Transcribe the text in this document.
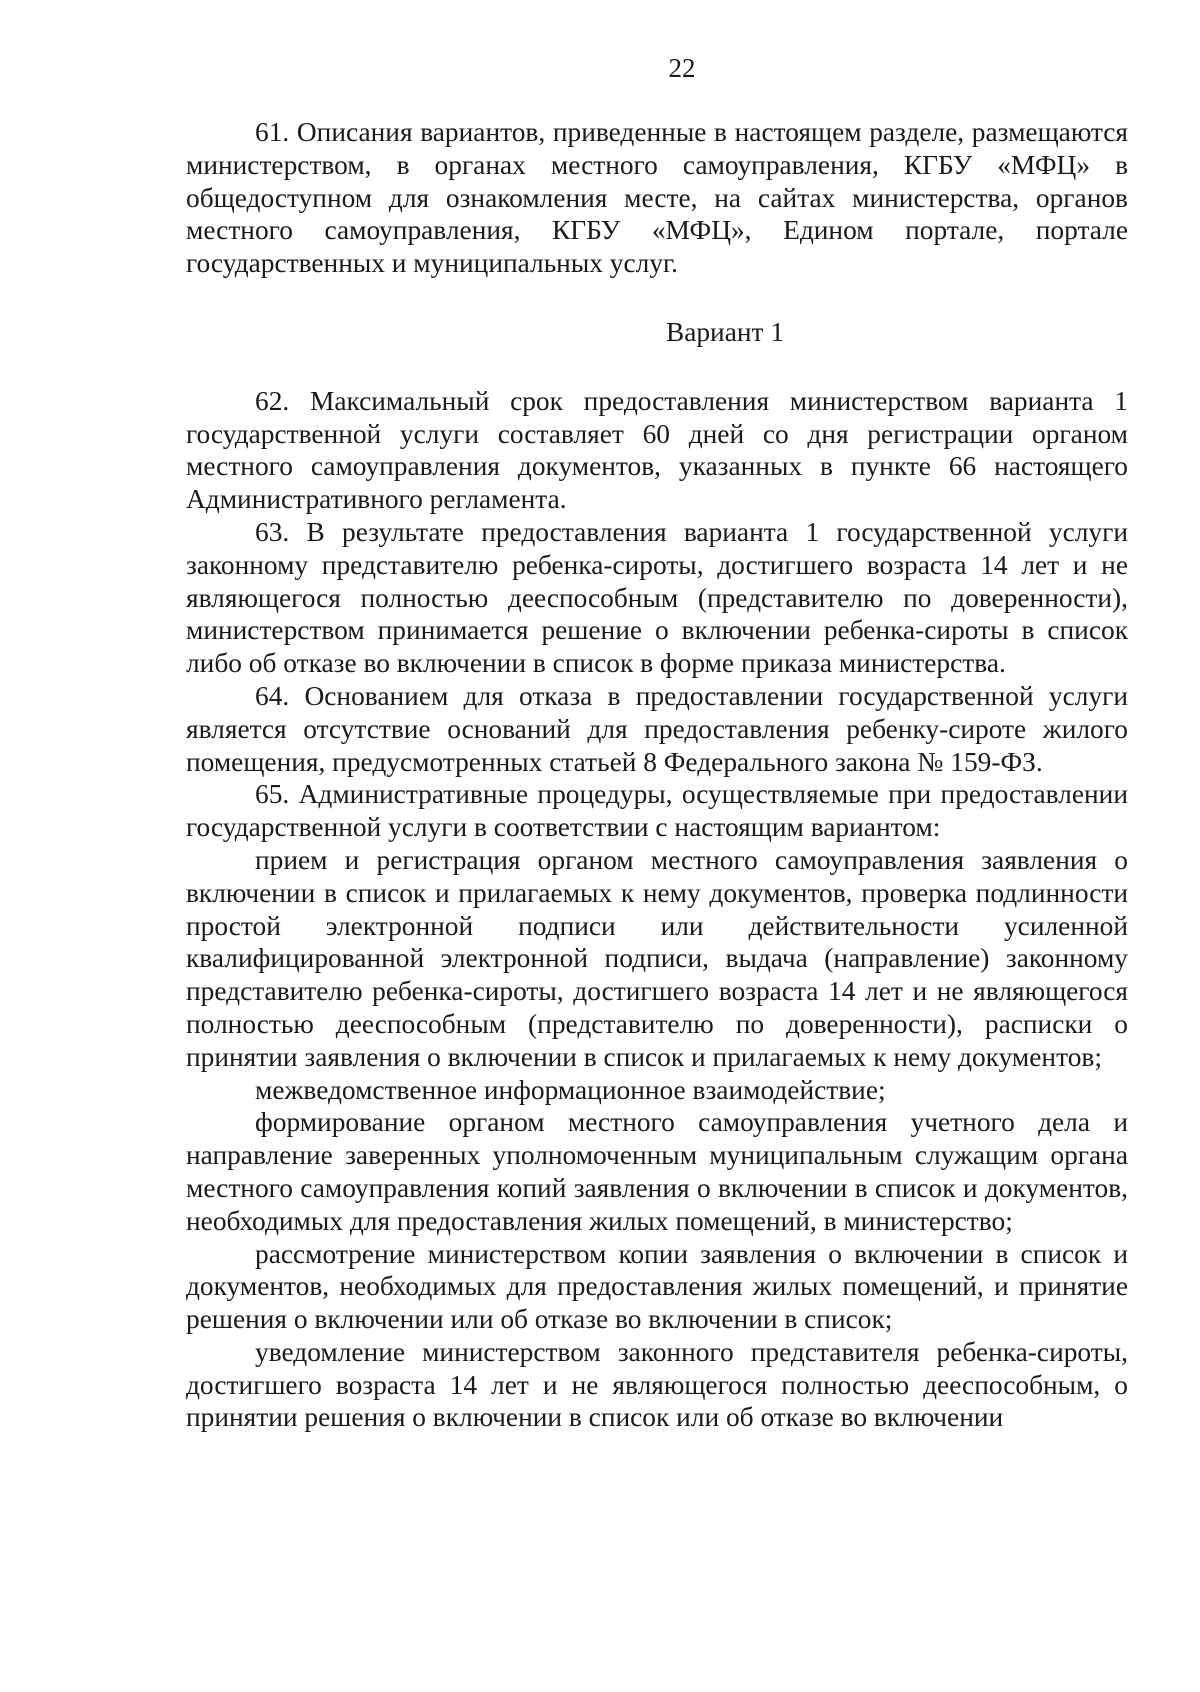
22

61. Описания вариантов, приведенные в настоящем разделе, размещаются министерством, в органах местного самоуправления, КГБУ «МФЦ» в общедоступном для ознакомления месте, на сайтах министерства, органов местного самоуправления, КГБУ «МФЦ», Едином портале, портале государственных и муниципальных услуг.

Вариант 1

62. Максимальный срок предоставления министерством варианта 1 государственной услуги составляет 60 дней со дня регистрации органом местного самоуправления документов, указанных в пункте 66 настоящего Административного регламента.

63. В результате предоставления варианта 1 государственной услуги законному представителю ребенка-сироты, достигшего возраста 14 лет и не являющегося полностью дееспособным (представителю по доверенности), министерством принимается решение о включении ребенка-сироты в список либо об отказе во включении в список в форме приказа министерства.

64. Основанием для отказа в предоставлении государственной услуги является отсутствие оснований для предоставления ребенку-сироте жилого помещения, предусмотренных статьей 8 Федерального закона № 159-ФЗ.

65. Административные процедуры, осуществляемые при предоставлении государственной услуги в соответствии с настоящим вариантом:

прием и регистрация органом местного самоуправления заявления о включении в список и прилагаемых к нему документов, проверка подлинности простой электронной подписи или действительности усиленной квалифицированной электронной подписи, выдача (направление) законному представителю ребенка-сироты, достигшего возраста 14 лет и не являющегося полностью дееспособным (представителю по доверенности), расписки о принятии заявления о включении в список и прилагаемых к нему документов;

межведомственное информационное взаимодействие;

формирование органом местного самоуправления учетного дела и направление заверенных уполномоченным муниципальным служащим органа местного самоуправления копий заявления о включении в список и документов, необходимых для предоставления жилых помещений, в министерство;

рассмотрение министерством копии заявления о включении в список и документов, необходимых для предоставления жилых помещений, и принятие решения о включении или об отказе во включении в список;

уведомление министерством законного представителя ребенка-сироты, достигшего возраста 14 лет и не являющегося полностью дееспособным, о принятии решения о включении в список или об отказе во включении
